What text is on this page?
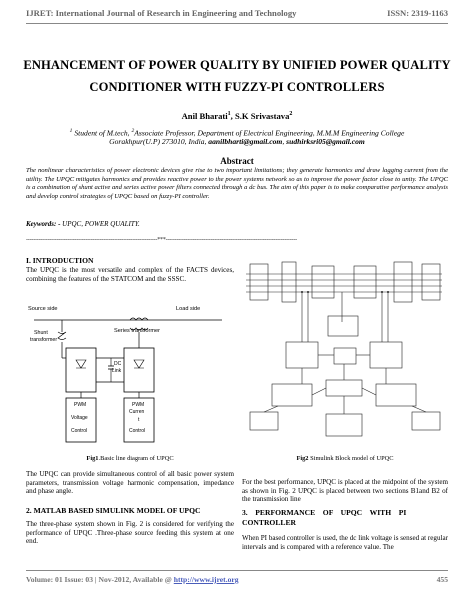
IJRET: International Journal of Research in Engineering and Technology	ISSN: 2319-1163
ENHANCEMENT OF POWER QUALITY BY UNIFIED POWER QUALITY
CONDITIONER WITH FUZZY-PI CONTROLLERS
Anil Bharati$^1$, S.K Srivastava$^2$
$^1$ Student of M.tech, $^2$Associate Professor, Department of Electrical Engineering, M.M.M Engineering College
Gorakhpur(U.P) 273010, India, aanilbharti@gmail.com, sudhirksri05@gmail.com
Abstract
The nonlinear characteristics of power electronic devices give rise to two important limitations; they generate harmonics and draw lagging current from the utility. The UPQC mitigates harmonics and provides reactive power to the power systems network so as to improve the power factor close to unity. The UPQC is a combination of shunt active and series active power filters connected through a dc bus. The aim of this paper is to make comparative performance analysis and develop control strategies of UPQC based on fuzzy-PI controller.
Keywords: - UPQC, POWER QUALITY.
-------------------------------------------------------------------------***-------------------------------------------------------------------------
I. INTRODUCTION
The UPQC is the most versatile and complex of the FACTS devices, combining the features of the STATCOM and the SSSC.
Source side	Load side
Series transformer
Shunt
transformer
DC
Link
PWM
Voltage
Control
PWM
Curren
t
Control
Fig1.Basic line diagram of UPQC
The UPQC can provide simultaneous control of all basic power system parameters, transmission voltage harmonic compensation, impedance and phase angle.
2. MATLAB BASED SIMULINK MODEL OF UPQC
The three-phase system shown in Fig. 2 is considered for verifying the performance of UPQC .Three-phase source feeding this system at one end.
Fig2 Simulink Block model of UPQC
For the best performance, UPQC is placed at the midpoint of the system as shown in Fig. 2 UPQC is placed between two sections B1and B2 of the transmission line
3.    PERFORMANCE    OF    UPQC    WITH    PI CONTROLLER
When PI based controller is used, the dc link voltage is sensed at regular intervals and is compared with a reference value. The
Volume: 01 Issue: 03 | Nov-2012, Available @ http://www.ijret.org	455
